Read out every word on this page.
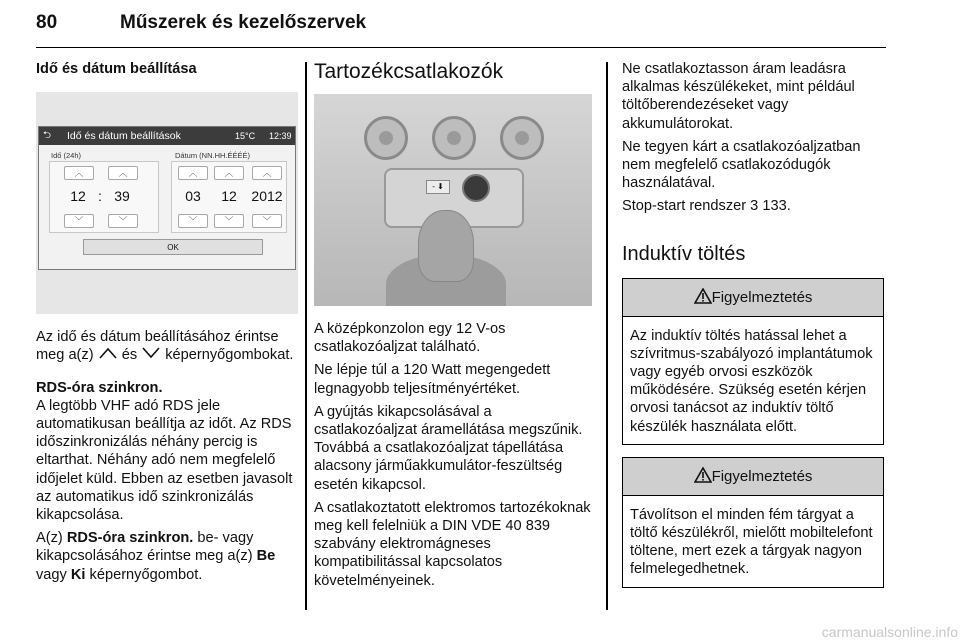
80	Műszerek és kezelőszervek
Idő és dátum beállítása
⮌ Idő és dátum beállítások	15°C 12:39
Idő (24h)	Dátum (NN.HH.ÉÉÉÉ)
︿	︿
12 : 39
﹀	﹀
︿	︿	︿
03	12	2012
﹀	﹀	﹀
OK

Az idő és dátum beállításához érintse meg a(z) és képernyőgombokat.

RDS-óra szinkron.

A legtöbb VHF adó RDS jele automatikusan beállítja az időt. Az RDS időszinkronizálás néhány percig is eltarthat. Néhány adó nem megfelelő időjelet küld. Ebben az esetben javasolt az automatikus idő szinkronizálás kikapcsolása.

A(z) RDS-óra szinkron. be- vagy kikapcsolásához érintse meg a(z) Be vagy Ki képernyőgombot.

Tartozékcsatlakozók
- ⬇

A középkonzolon egy 12 V-os csatlakozóaljzat található.

Ne lépje túl a 120 Watt megengedett legnagyobb teljesítményértéket.

A gyújtás kikapcsolásával a csatlakozóaljzat áramellátása megszűnik. Továbbá a csatlakozóaljzat tápellátása alacsony járműakkumulátor-feszültség esetén kikapcsol.

A csatlakoztatott elektromos tartozékoknak meg kell felelniük a DIN VDE 40 839 szabvány elektromágneses kompatibilitással kapcsolatos követelményeinek.

Ne csatlakoztasson áram leadásra alkalmas készülékeket, mint például töltőberendezéseket vagy akkumulátorokat.

Ne tegyen kárt a csatlakozóaljzatban nem megfelelő csatlakozódugók használatával.

Stop-start rendszer 3 133.

Induktív töltés
Figyelmeztetés
Az induktív töltés hatással lehet a szívritmus-szabályozó implantátumok vagy egyéb orvosi eszközök működésére. Szükség esetén kérjen orvosi tanácsot az induktív töltő készülék használata előtt.
Figyelmeztetés
Távolítson el minden fém tárgyat a töltő készülékről, mielőtt mobiltelefont töltene, mert ezek a tárgyak nagyon felmelegedhetnek.
carmanualsonline.info
